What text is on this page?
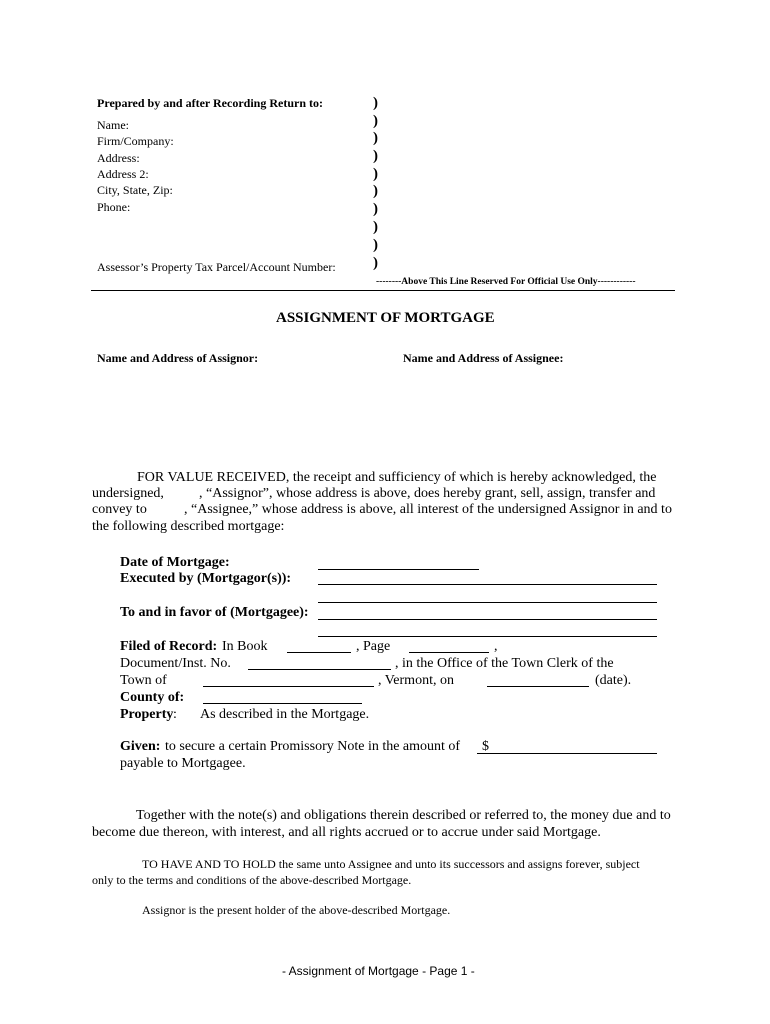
Prepared by and after Recording Return to:
Name:
Firm/Company:
Address:
Address 2:
City, State, Zip:
Phone:
Assessor’s Property Tax Parcel/Account Number:
)
)
)
)
)
)
)
)
)
)
--------Above This Line Reserved For Official Use Only------------
ASSIGNMENT OF MORTGAGE
Name and Address of Assignor:	Name and Address of Assignee:
FOR VALUE RECEIVED, the receipt and sufficiency of which is hereby acknowledged, the
undersigned,	, “Assignor”, whose address is above, does hereby grant, sell, assign, transfer and
convey to	, “Assignee,” whose address is above, all interest of the undersigned Assignor in and to
the following described mortgage:
Date of Mortgage:
Executed by (Mortgagor(s)):
To and in favor of (Mortgagee):
Filed of Record: In Book	, Page	,
Document/Inst. No.	, in the Office of the Town Clerk of the
Town of	, Vermont, on	(date).
County of:
Property : As described in the Mortgage.
Given: to secure a certain Promissory Note in the amount of $
payable to Mortgagee.
Together with the note(s) and obligations therein described or referred to, the money due and to
become due thereon, with interest, and all rights accrued or to accrue under said Mortgage.
TO HAVE AND TO HOLD the same unto Assignee and unto its successors and assigns forever, subject
only to the terms and conditions of the above-described Mortgage.
Assignor is the present holder of the above-described Mortgage.
- Assignment of Mortgage - Page 1 -
